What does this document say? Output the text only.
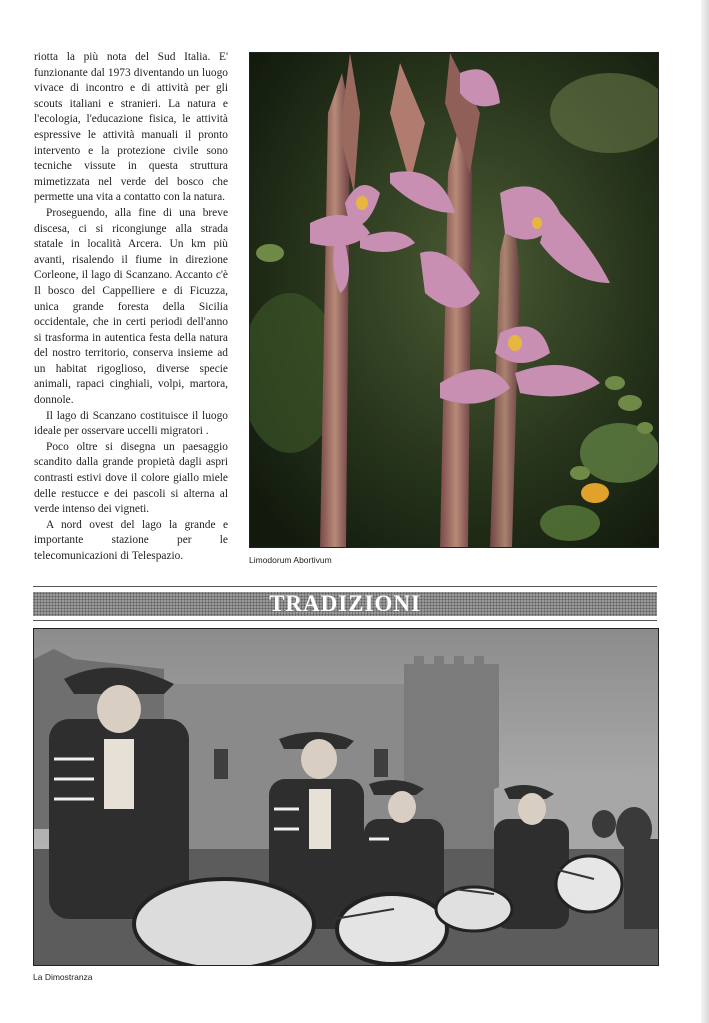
riotta la più nota del Sud Italia. E' funzionante dal 1973 diventando un luogo vivace di incontro e di attività per gli scouts italiani e stranieri. La natura e l'ecologia, l'educazione fisica, le attività espressive le attività manuali il pronto intervento e la protezione civile sono tecniche vissute in questa struttura mimetizzata nel verde del bosco che permette una vita a contatto con la natura.

Proseguendo, alla fine di una breve discesa, ci si ricongiunge alla strada statale in località Arcera. Un km più avanti, risalendo il fiume in direzione Corleone, il lago di Scanzano. Accanto c'è Il bosco del Cappelliere e di Ficuzza, unica grande foresta della Sicilia occidentale, che in certi periodi dell'anno si trasforma in autentica festa della natura del nostro territorio, conserva insieme ad un habitat rigoglioso, diverse specie animali, rapaci cinghiali, volpi, martora, donnole.

Il lago di Scanzano costituisce il luogo ideale per osservare uccelli migratori .

Poco oltre si disegna un paesaggio scandito dalla grande propietà dagli aspri contrasti estivi dove il colore giallo miele delle restucce e dei pascoli si alterna al verde intenso dei vigneti.

A nord ovest del lago la grande e importante stazione per le telecomunicazioni di Telespazio.	Limodorum Abortivum
TRADIZIONI
La Dimostranza
